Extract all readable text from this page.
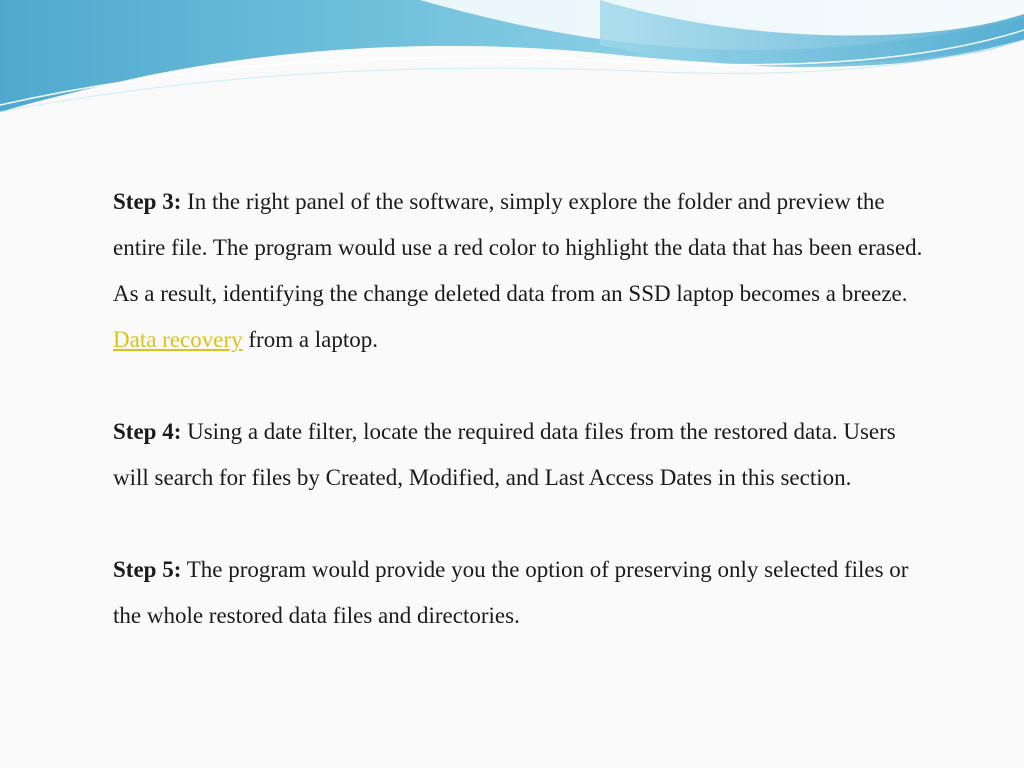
Step 3: In the right panel of the software, simply explore the folder and preview the entire file. The program would use a red color to highlight the data that has been erased. As a result, identifying the change deleted data from an SSD laptop becomes a breeze. Data recovery from a laptop.

Step 4: Using a date filter, locate the required data files from the restored data. Users will search for files by Created, Modified, and Last Access Dates in this section.

Step 5: The program would provide you the option of preserving only selected files or the whole restored data files and directories.
